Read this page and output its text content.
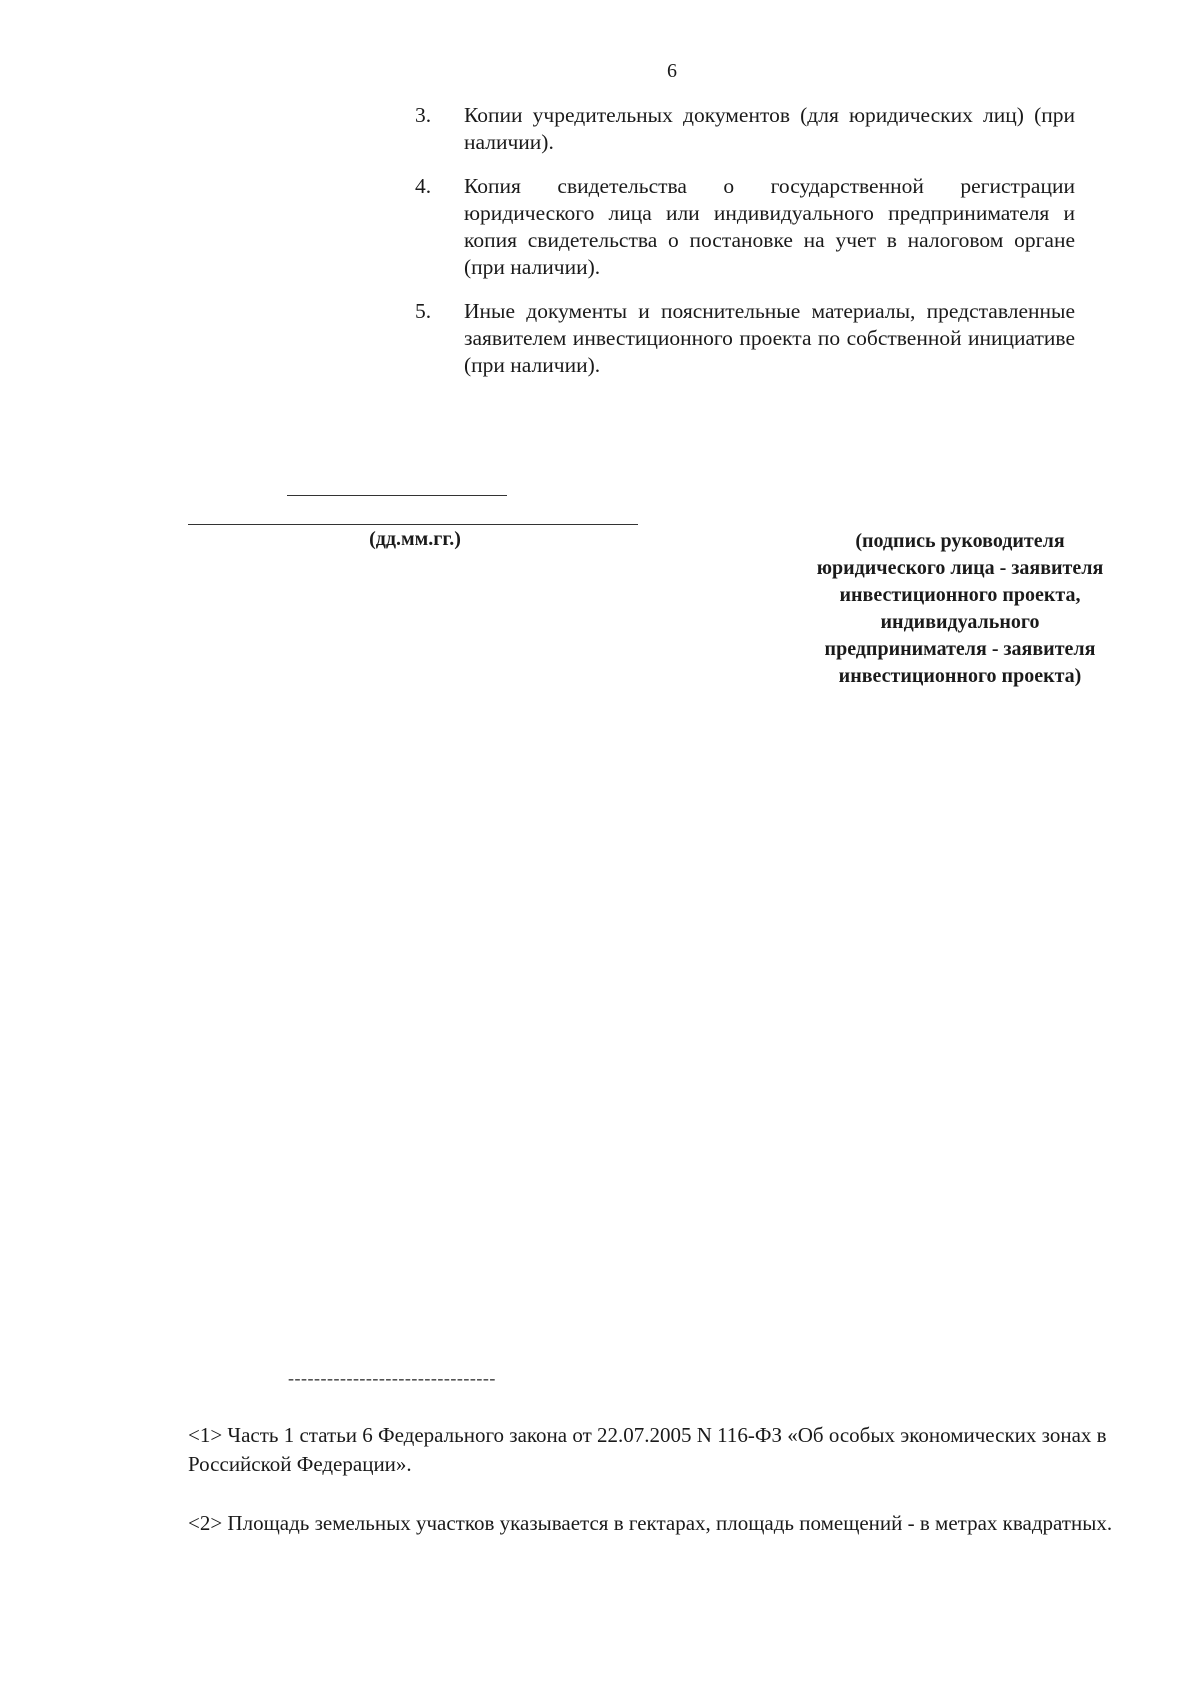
6
3.	Копии учредительных документов (для юридических лиц) (при наличии).
4.	Копия свидетельства о государственной регистрации юридического лица или индивидуального предпринимателя и копия свидетельства о постановке на учет в налоговом органе (при наличии).
5.	Иные документы и пояснительные материалы, представленные заявителем инвестиционного проекта по собственной инициативе (при наличии).
(дд.мм.гг.)	(подпись руководителя
юридического лица - заявителя
инвестиционного проекта,
индивидуального
предпринимателя - заявителя
инвестиционного проекта)
--------------------------------
<1> Часть 1 статьи 6 Федерального закона от 22.07.2005 N 116-ФЗ «Об особых экономических зонах в Российской Федерации».
<2> Площадь земельных участков указывается в гектарах, площадь помещений - в метрах квадратных.
